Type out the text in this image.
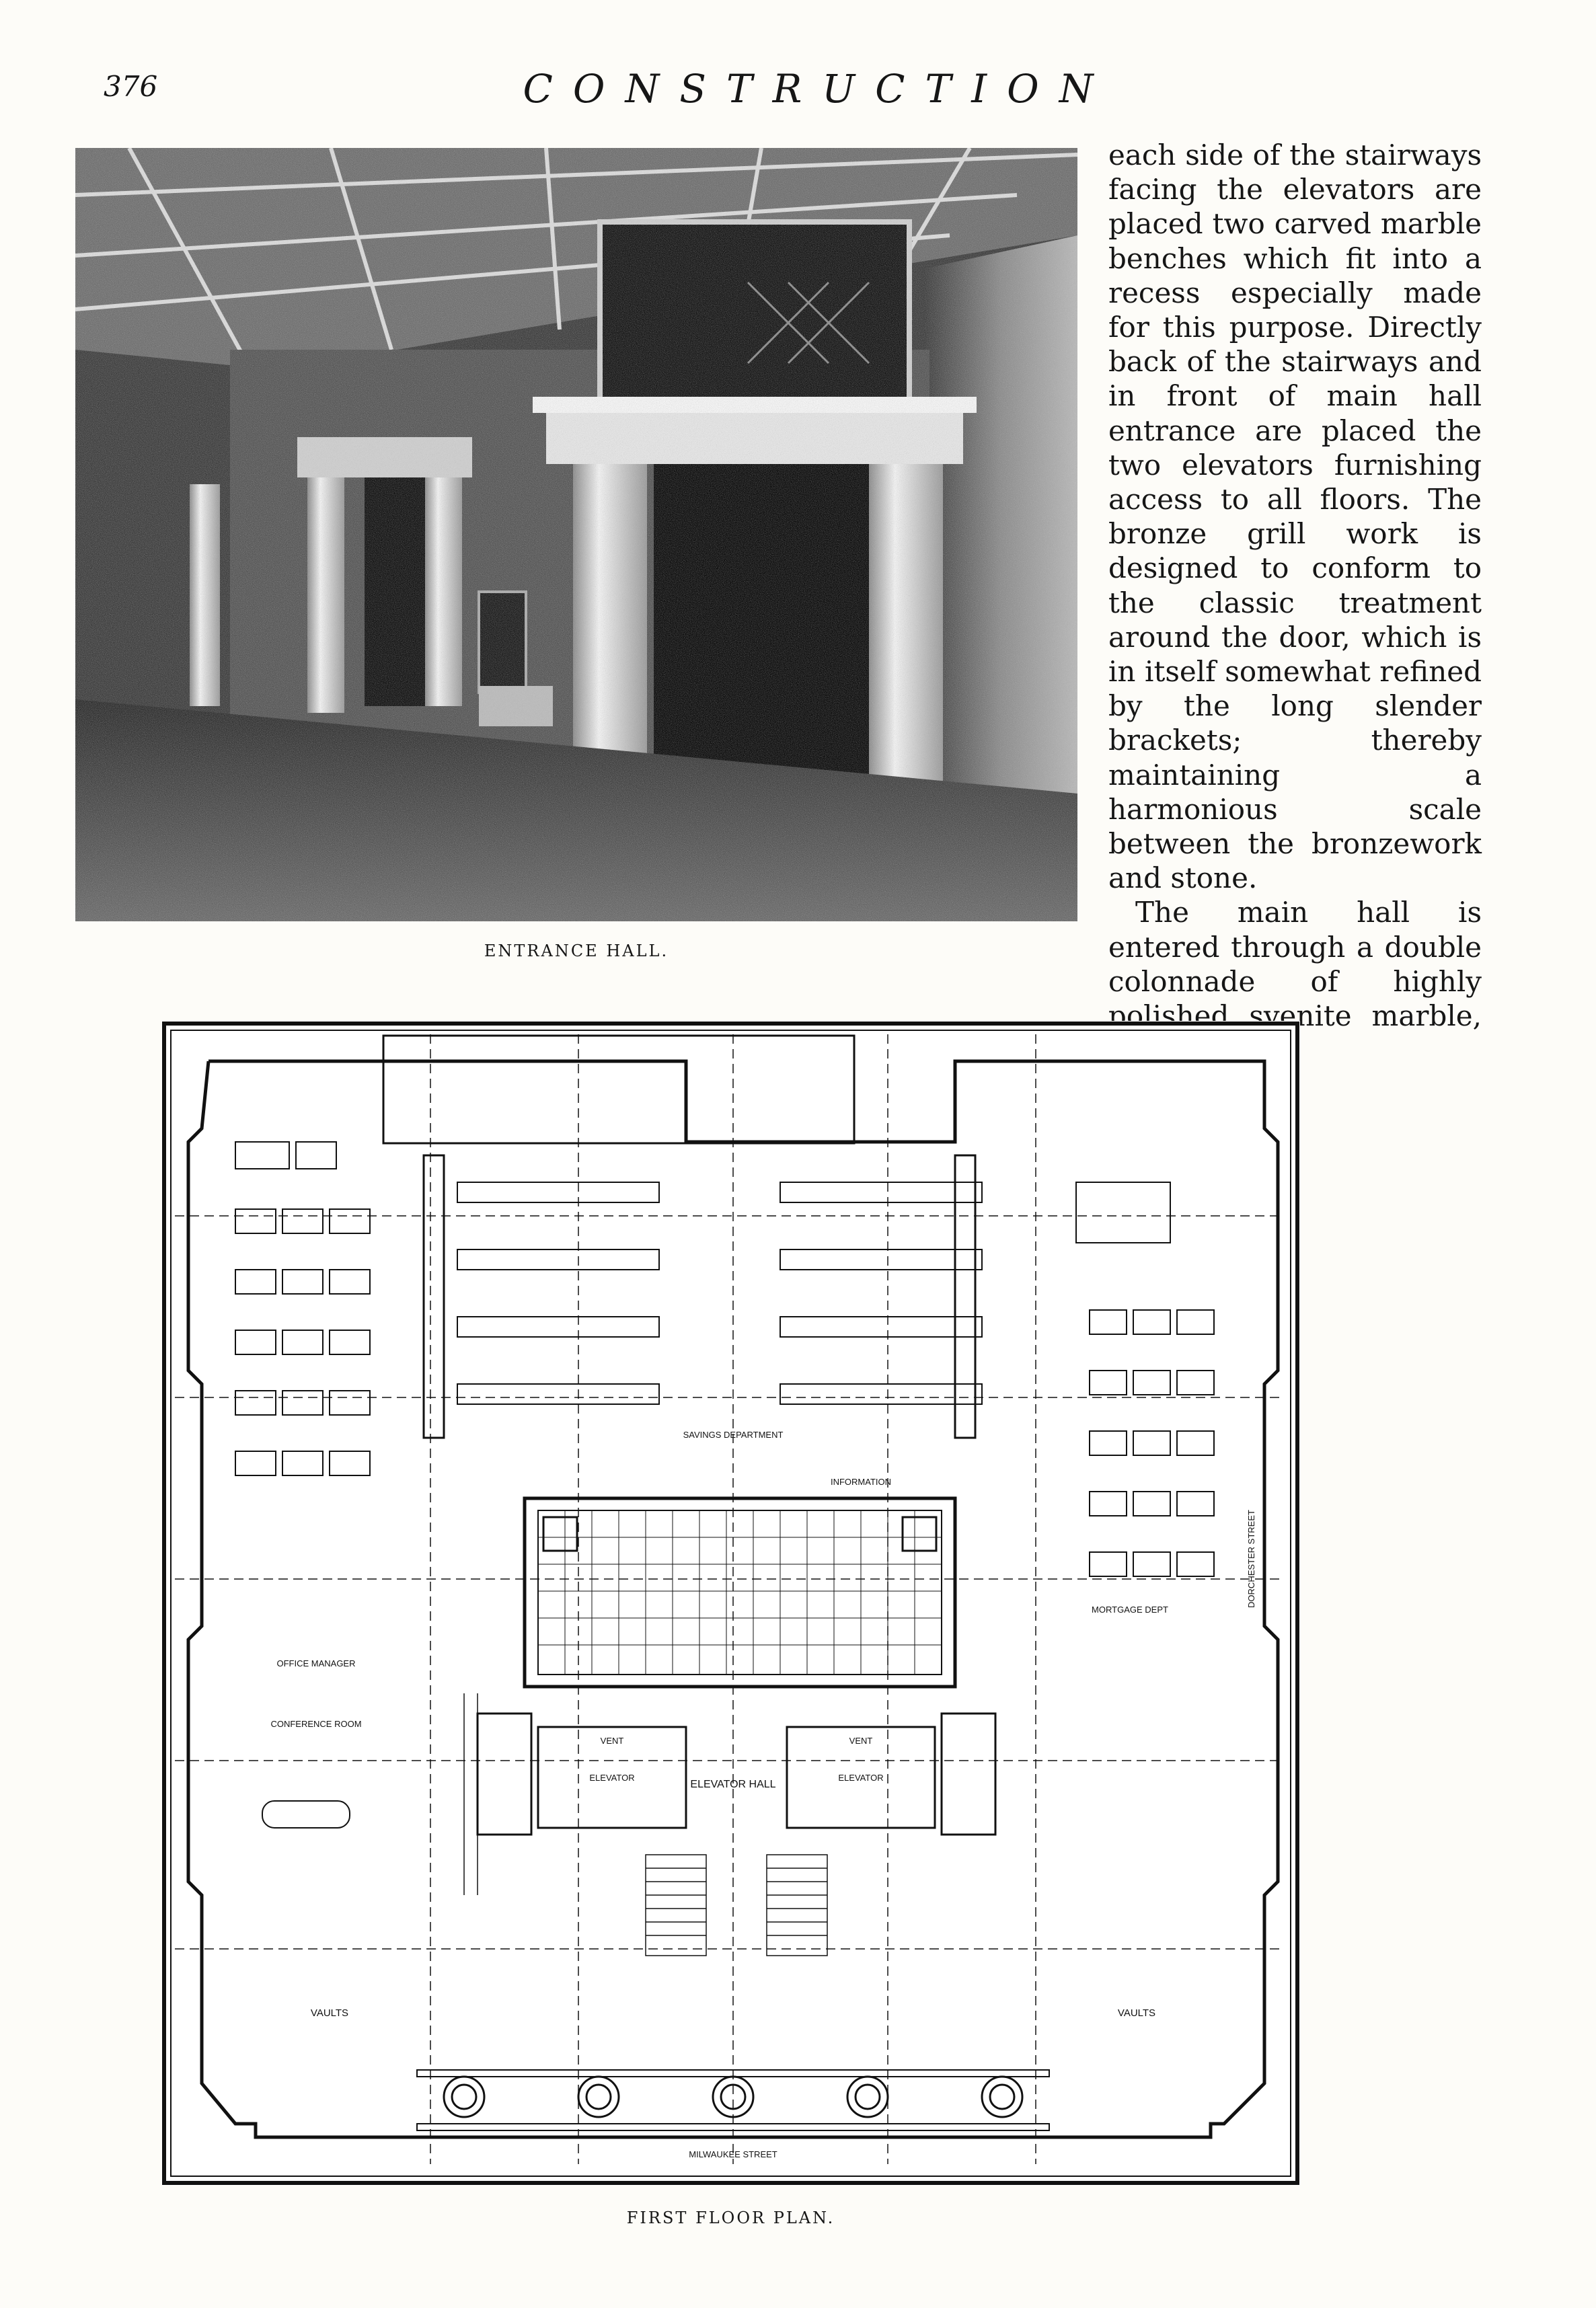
376	CONSTRUCTION
ENTRANCE HALL.

each side of the stairways facing the elevators are placed two carved marble benches which fit into a recess especially made for this purpose. Directly back of the stairways and in front of main hall entrance are placed the two elevators furnishing access to all floors. The bronze grill work is designed to conform to the classic treatment around the door, which is in itself somewhat refined by the long slender brackets; thereby maintaining a harmonious scale between the bronzework and stone.

The main hall is entered through a double colonnade of highly polished syenite marble, the gener-

ELEVATOR HALL
ELEVATOR	ELEVATOR
VENT	VENT
VAULTS	VAULTS
SAVINGS DEPARTMENT
INFORMATION
MORTGAGE DEPT
OFFICE MANAGER
CONFERENCE ROOM
MILWAUKEE STREET
DORCHESTER STREET
FIRST FLOOR PLAN.
